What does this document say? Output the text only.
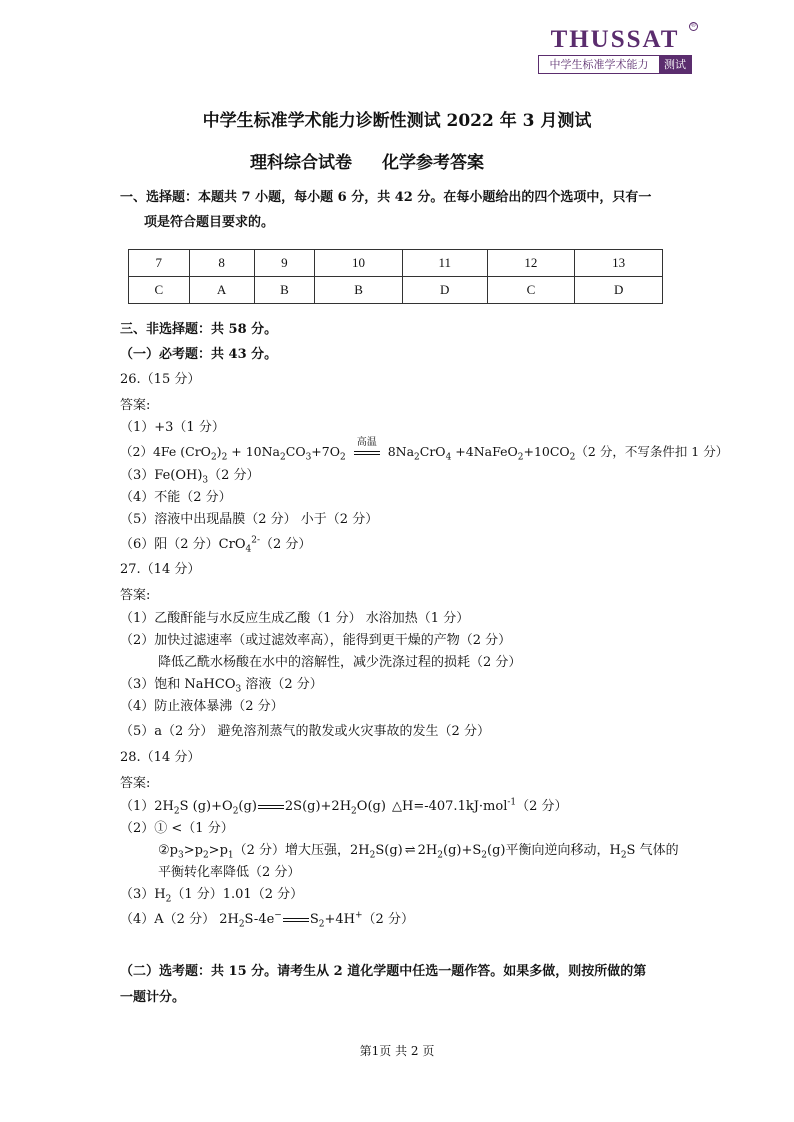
THUSSAT	®
中学生标准学术能力	测试
中学生标准学术能力诊断性测试 2022 年 3 月测试
理科综合试卷 化学参考答案
一、选择题：本题共 7 小题，每小题 6 分，共 42 分。在每小题给出的四个选项中，只有一
项是符合题目要求的。
7	8	9	10	11	12	13
C	A	B	B	D	C	D
三、非选择题：共 58 分。
（一）必考题：共 43 分。
26.（15 分）
答案:
（1）+3（1 分）
（2）4Fe $(CrO_2)_2 + 10Na_2CO_3+7O_2$
高温
$8Na_2CrO_4$ $+4NaFeO_2+10CO_2(2$ 分，不写条件扣 1 分）
$(3)Fe(OH)_3(2$ 分）
（4）不能（2 分）
（5）溶液中出现晶膜（2 分） 小于（2 分）
（6）阳（2 分）CrO$_4^{2-}$（2 分）
27.（14 分）
答案:
（1）乙酸酐能与水反应生成乙酸（1 分） 水浴加热（1 分）
（2）加快过滤速率（或过滤效率高），能得到更干燥的产物（2 分）
降低乙酰水杨酸在水中的溶解性，减少洗涤过程的损耗（2 分）
（3）饱和 NaHCO$_3$ 溶液（2 分）
（4）防止液体暴沸（2 分）
（5）a（2 分） 避免溶剂蒸气的散发或火灾事故的发生（2 分）
28.（14 分）
答案:
$(1)2H_2S$ $(g)+O_2(g)$ $2S(g)+2H_2O(g)$ △H=-407.1kJ·mol$^{-1}$（2 分）
（2）① <（1 分）
$②p_3>p_2>p_1(2$ 分）增大压强，$2H_2S(g)$ ⇌ $2H_2(g)+S_2(g)$平衡向逆向移动，$H_2S$ 气体的
平衡转化率降低（2 分）
$(3)H_2(1$ 分）1.01（2 分）
（4）A（2 分） $2H_2S-4e^-$ $S_2+4H^+(2$ 分）
（二）选考题：共 15 分。请考生从 2 道化学题中任选一题作答。如果多做，则按所做的第
一题计分。
第1页 共 2 页
